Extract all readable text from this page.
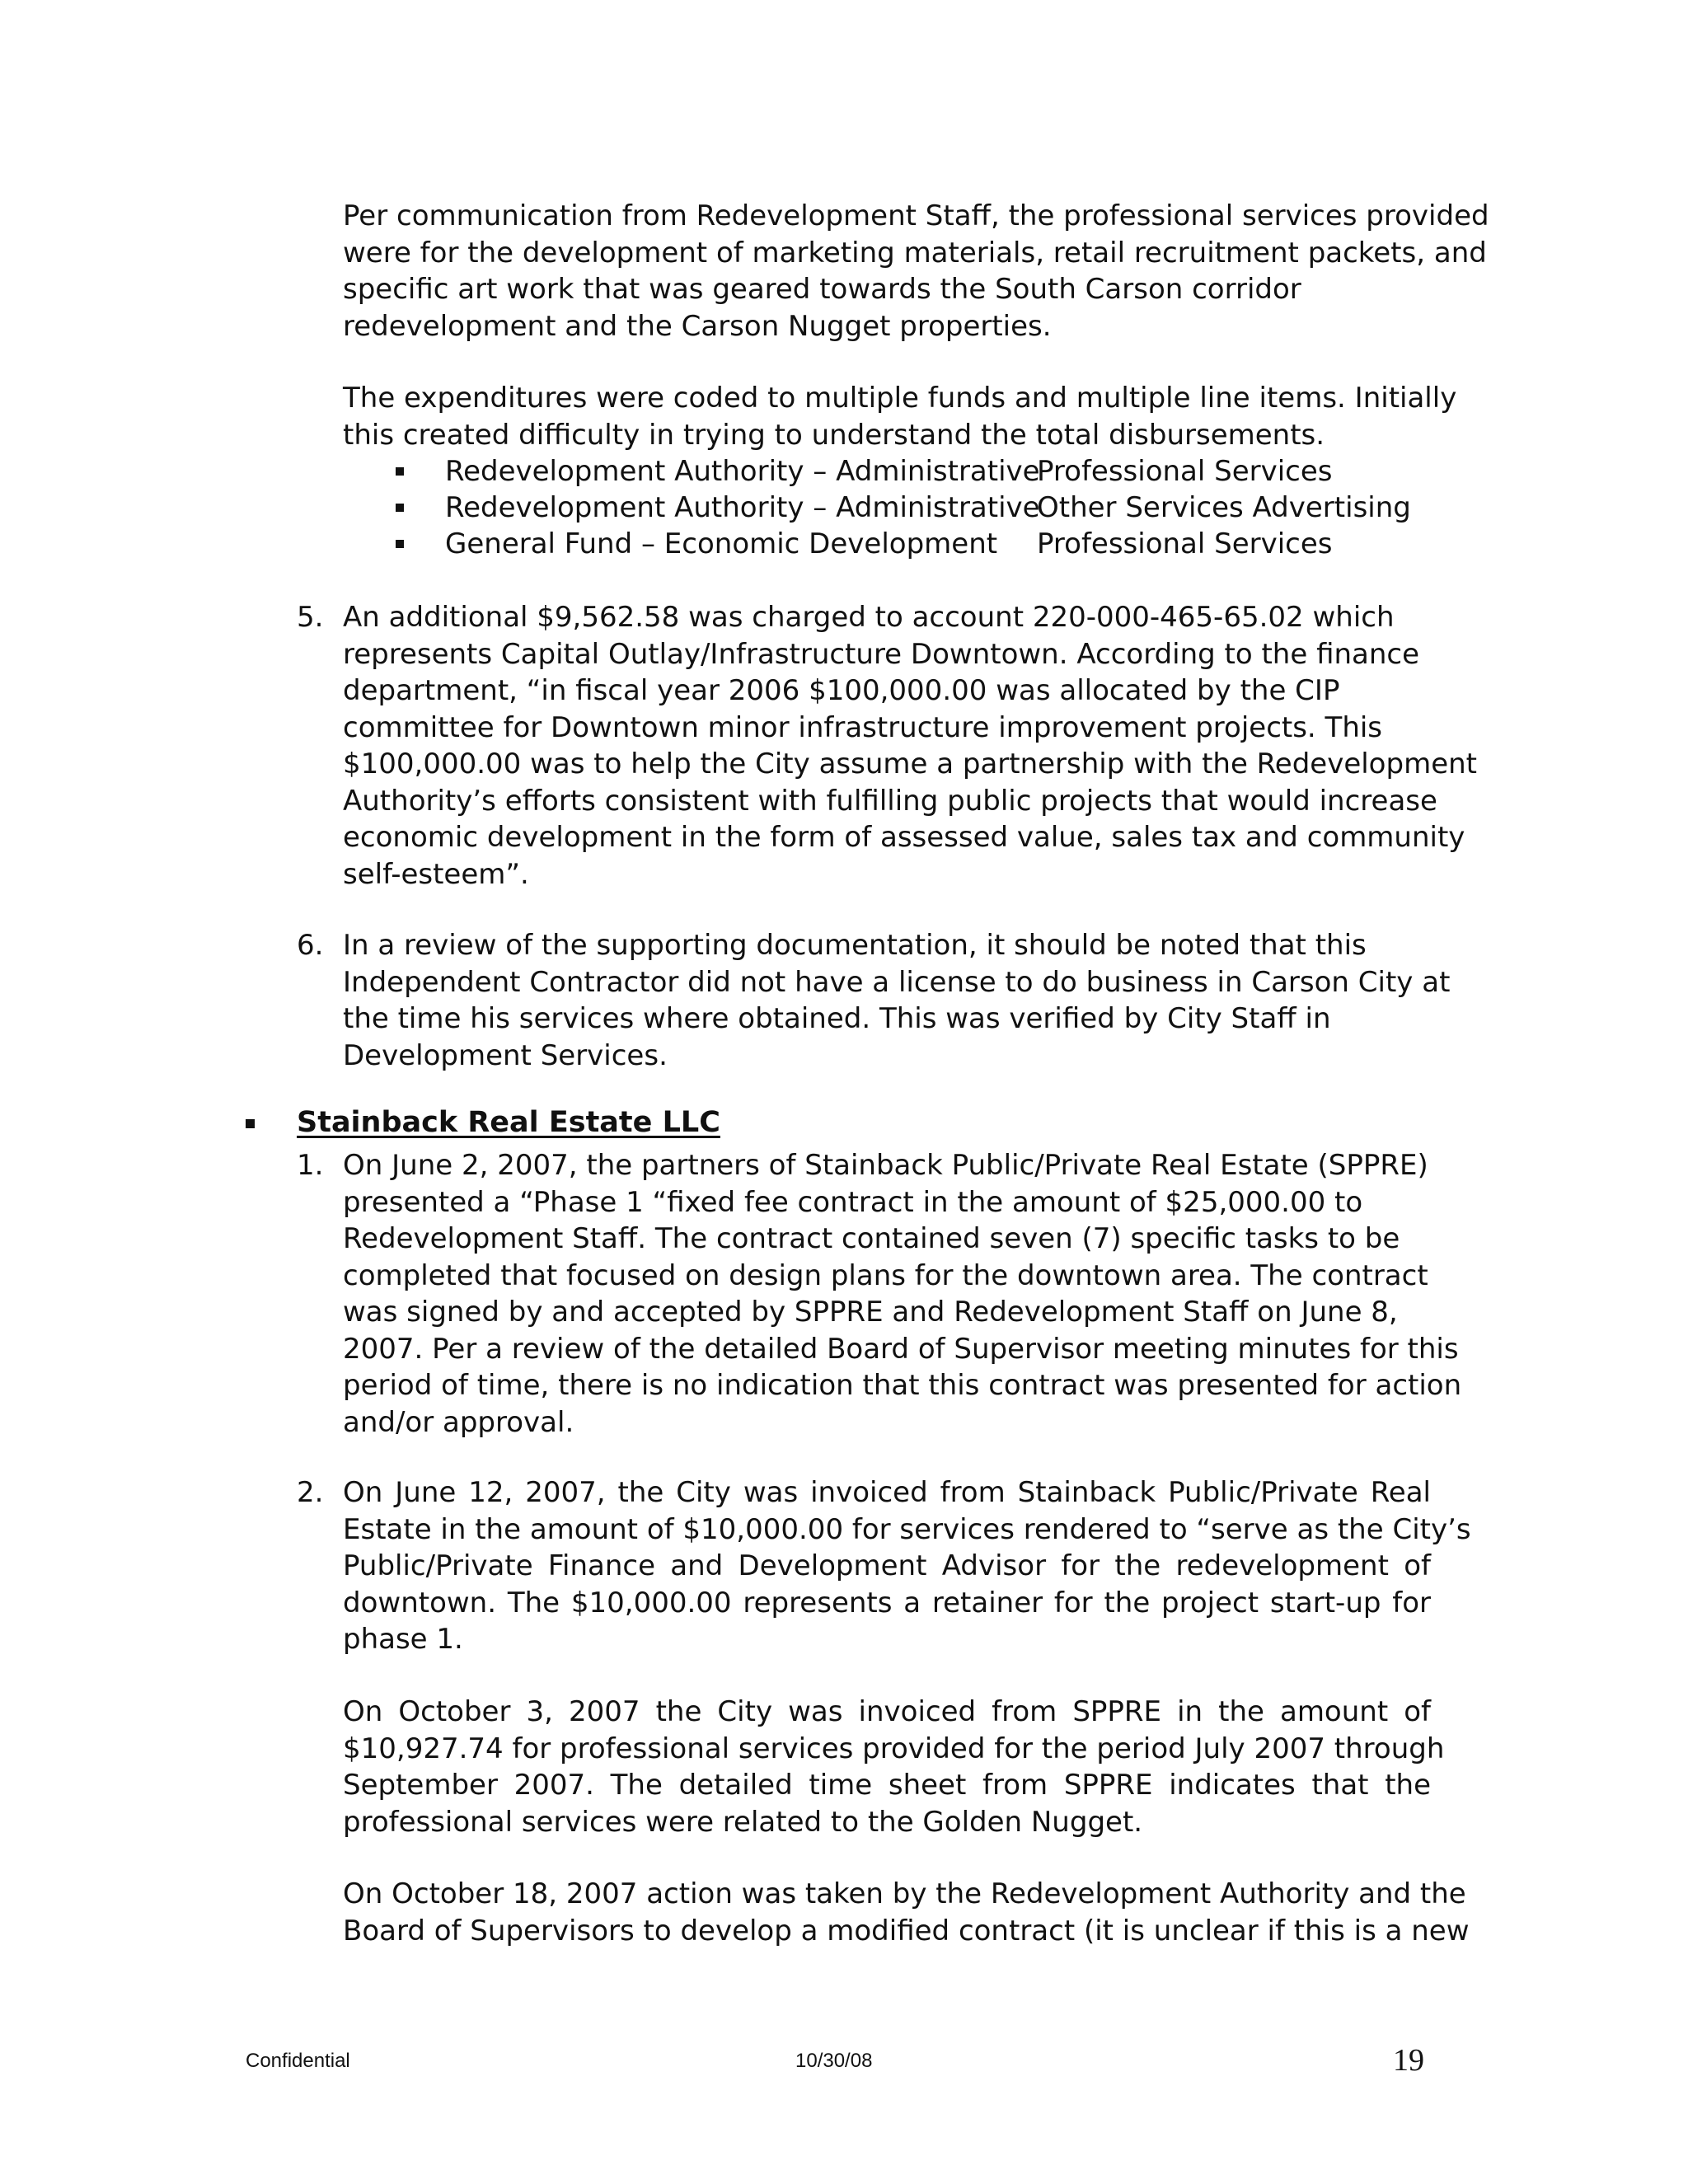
Per communication from Redevelopment Staff, the professional services provided
were for the development of marketing materials, retail recruitment packets, and
specific art work that was geared towards the South Carson corridor
redevelopment and the Carson Nugget properties.
The expenditures were coded to multiple funds and multiple line items. Initially
this created difficulty in trying to understand the total disbursements.
Redevelopment Authority – Administrative
Professional Services
Redevelopment Authority – Administrative
Other Services Advertising
General Fund – Economic Development Professional Services
5. An additional $9,562.58 was charged to account 220-000-465-65.02 which
represents Capital Outlay/Infrastructure Downtown. According to the finance
department, “in fiscal year 2006 $100,000.00 was allocated by the CIP
committee for Downtown minor infrastructure improvement projects. This
$100,000.00 was to help the City assume a partnership with the Redevelopment
Authority’s efforts consistent with fulfilling public projects that would increase
economic development in the form of assessed value, sales tax and community
self-esteem”.
6. In a review of the supporting documentation, it should be noted that this
Independent Contractor did not have a license to do business in Carson City at
the time his services where obtained. This was verified by City Staff in
Development Services.
Stainback Real Estate LLC
1. On June 2, 2007, the partners of Stainback Public/Private Real Estate (SPPRE)
presented a “Phase 1 “fixed fee contract in the amount of $25,000.00 to
Redevelopment Staff. The contract contained seven (7) specific tasks to be
completed that focused on design plans for the downtown area. The contract
was signed by and accepted by SPPRE and Redevelopment Staff on June 8,
2007. Per a review of the detailed Board of Supervisor meeting minutes for this
period of time, there is no indication that this contract was presented for action
and/or approval.
2. On June 12, 2007, the City was invoiced from Stainback Public/Private Real
Estate in the amount of $10,000.00 for services rendered to “serve as the City’s
Public/Private Finance and Development Advisor for the redevelopment of
downtown. The $10,000.00 represents a retainer for the project start-up for
phase 1.
On October 3, 2007 the City was invoiced from SPPRE in the amount of
$10,927.74 for professional services provided for the period July 2007 through
September 2007. The detailed time sheet from SPPRE indicates that the
professional services were related to the Golden Nugget.
On October 18, 2007 action was taken by the Redevelopment Authority and the
Board of Supervisors to develop a modified contract (it is unclear if this is a new
Confidential	10/30/08	19
